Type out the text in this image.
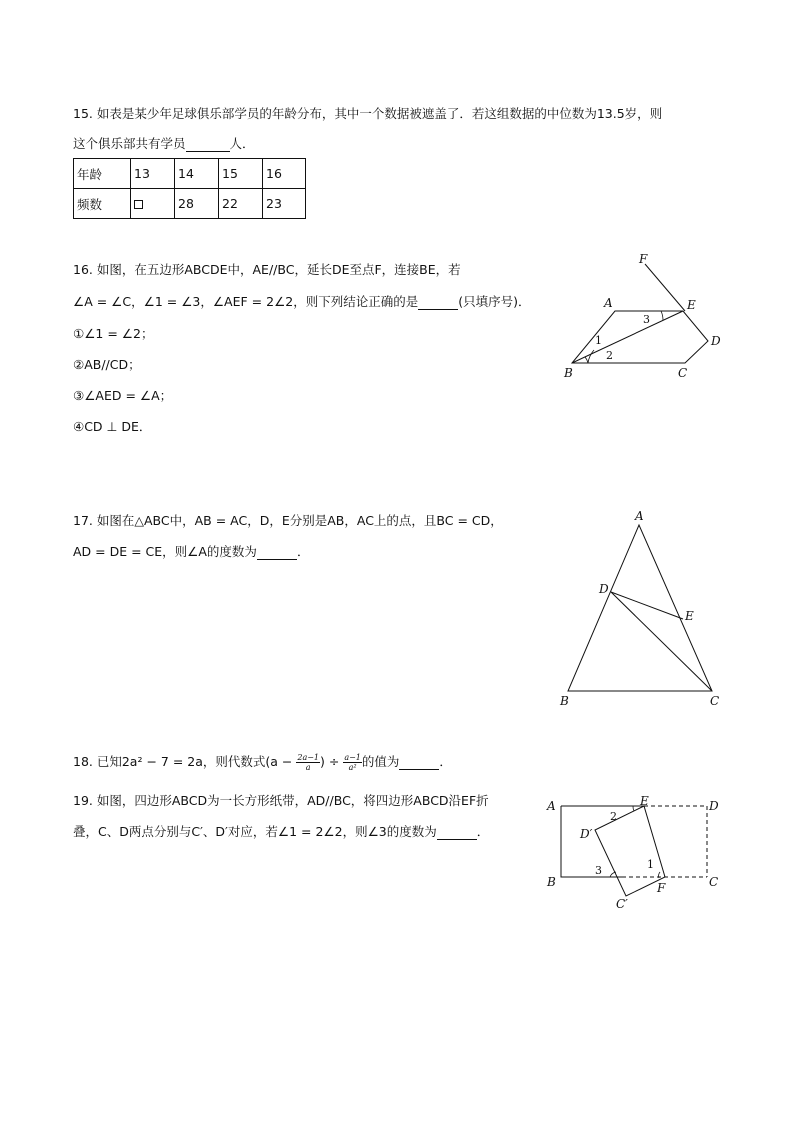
15. 如表是某少年足球俱乐部学员的年龄分布，其中一个数据被遮盖了．若这组数据的中位数为13.5岁，则
这个俱乐部共有学员	人．
年龄	13	14	15	16
频数		28	22	23
16. 如图，在五边形ABCDE中，AE//BC，延长DE至点F，连接BE，若
∠A = ∠C，∠1 = ∠3，∠AEF = 2∠2，则下列结论正确的是	(只填序号)．
①∠1 = ∠2；
②AB//CD；
③∠AED = ∠A；
④CD ⊥ DE．
F
A	E
D
C
B
1
2
3
17. 如图在△ABC中，AB = AC，D，E分别是AB，AC上的点，且BC = CD，
AD = DE = CE，则∠A的度数为	．
A
D
E
B	C
18. 已知2a² − 7 = 2a，则代数式($a - \frac{2a-1}{a}$ ) ÷ $\frac{a-1}{\text{a²}}$ 的值为	．
19. 如图，四边形ABCD为一长方形纸带，AD//BC，将四边形ABCD沿EF折
叠，C、D两点分别与C′、D′对应，若∠1 = 2∠2，则∠3的度数为	．
A
B
E	D
C
F
D′
C′
2
1
3
